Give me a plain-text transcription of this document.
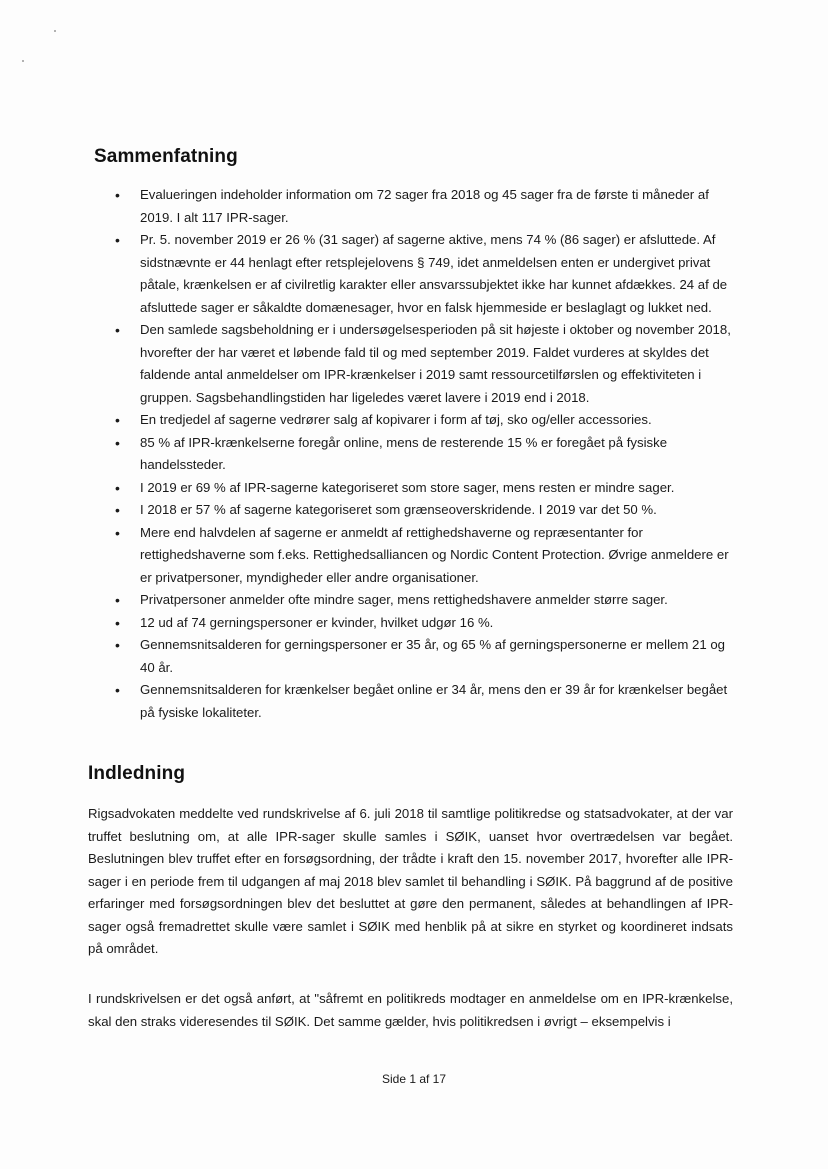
Sammenfatning
• Evalueringen indeholder information om 72 sager fra 2018 og 45 sager fra de første ti måneder af 2019. I alt 117 IPR-sager.
• Pr. 5. november 2019 er 26 % (31 sager) af sagerne aktive, mens 74 % (86 sager) er afsluttede. Af sidstnævnte er 44 henlagt efter retsplejelovens § 749, idet anmeldelsen enten er undergivet privat påtale, krænkelsen er af civilretlig karakter eller ansvarssubjektet ikke har kunnet afdækkes. 24 af de afsluttede sager er såkaldte domænesager, hvor en falsk hjemmeside er beslaglagt og lukket ned.
• Den samlede sagsbeholdning er i undersøgelsesperioden på sit højeste i oktober og november 2018, hvorefter der har været et løbende fald til og med september 2019. Faldet vurderes at skyldes det faldende antal anmeldelser om IPR-krænkelser i 2019 samt ressourcetilførslen og effektiviteten i gruppen. Sagsbehandlingstiden har ligeledes været lavere i 2019 end i 2018.
• En tredjedel af sagerne vedrører salg af kopivarer i form af tøj, sko og/eller accessories.
• 85 % af IPR-krænkelserne foregår online, mens de resterende 15 % er foregået på fysiske handelssteder.
• I 2019 er 69 % af IPR-sagerne kategoriseret som store sager, mens resten er mindre sager.
• I 2018 er 57 % af sagerne kategoriseret som grænseoverskridende. I 2019 var det 50 %.
• Mere end halvdelen af sagerne er anmeldt af rettighedshaverne og repræsentanter for rettighedshaverne som f.eks. Rettighedsalliancen og Nordic Content Protection. Øvrige anmeldere er er privatpersoner, myndigheder eller andre organisationer.
• Privatpersoner anmelder ofte mindre sager, mens rettighedshavere anmelder større sager.
• 12 ud af 74 gerningspersoner er kvinder, hvilket udgør 16 %.
• Gennemsnitsalderen for gerningspersoner er 35 år, og 65 % af gerningspersonerne er mellem 21 og 40 år.
• Gennemsnitsalderen for krænkelser begået online er 34 år, mens den er 39 år for krænkelser begået på fysiske lokaliteter.
Indledning

Rigsadvokaten meddelte ved rundskrivelse af 6. juli 2018 til samtlige politikredse og statsadvokater, at der var truffet beslutning om, at alle IPR-sager skulle samles i SØIK, uanset hvor overtrædelsen var begået. Beslutningen blev truffet efter en forsøgsordning, der trådte i kraft den 15. november 2017, hvorefter alle IPR-sager i en periode frem til udgangen af maj 2018 blev samlet til behandling i SØIK. På baggrund af de positive erfaringer med forsøgsordningen blev det besluttet at gøre den permanent, således at behandlingen af IPR-sager også fremadrettet skulle være samlet i SØIK med henblik på at sikre en styrket og koordineret indsats på området.

I rundskrivelsen er det også anført, at "såfremt en politikreds modtager en anmeldelse om en IPR-krænkelse, skal den straks videresendes til SØIK. Det samme gælder, hvis politikredsen i øvrigt – eksempelvis i

Side 1 af 17
